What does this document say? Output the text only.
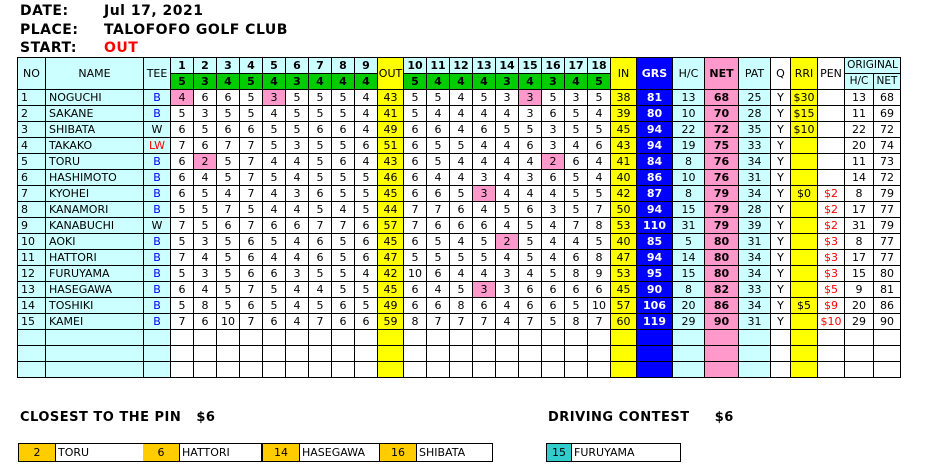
DATE:	Jul 17, 2021
PLACE: TALOFOFO GOLF CLUB
START: OUT
NO	NAME	TEE	1	2	3	4	5	6	7	8	9	OUT	10	11	12	13	14	15	16	17	18	IN	GRS	H/C	NET	PAT	Q	RRI	PEN	ORIGINAL	
			5	3	4	5	4	3	4	4	4		5	4	4	4	3	4	3	4	5									H/C	NET
1	NOGUCHI	B	4	6	6	5	3	5	5	5	4	43	5	5	4	5	3	3	5	3	5	38	81	13	68	25	Y	$30		13	68
2	SAKANE	B	5	3	5	5	4	5	5	5	4	41	5	4	4	4	4	3	6	5	4	39	80	10	70	28	Y	$15		11	69
3	SHIBATA	W	6	5	6	6	5	5	6	6	4	49	6	6	4	6	5	5	3	5	5	45	94	22	72	35	Y	$10		22	72
4	TAKAKO	LW	7	6	7	7	5	3	5	5	6	51	6	5	5	4	4	6	3	4	6	43	94	19	75	33	Y			20	74
5	TORU	B	6	2	5	7	4	4	5	6	4	43	6	5	4	4	4	4	2	6	4	41	84	8	76	34	Y			11	73
6	HASHIMOTO	B	6	4	5	7	5	4	5	5	5	46	6	4	4	3	4	3	6	5	4	40	86	10	76	31	Y			14	72
7	KYOHEI	B	6	5	4	7	4	3	6	5	5	45	6	6	5	3	4	4	4	5	5	42	87	8	79	34	Y	$0	$2	8	79
8	KANAMORI	B	5	5	7	5	4	4	5	4	5	44	7	7	6	4	5	6	3	5	7	50	94	15	79	28	Y		$2	17	77
9	KANABUCHI	W	7	5	6	7	6	6	7	7	6	57	7	6	6	6	4	5	4	7	8	53	110	31	79	39	Y		$2	31	79
10	AOKI	B	5	3	5	6	5	4	6	5	6	45	6	5	4	5	2	5	4	4	5	40	85	5	80	31	Y		$3	8	77
11	HATTORI	B	7	4	5	6	4	4	6	5	6	47	5	5	5	5	4	5	4	6	8	47	94	14	80	34	Y		$3	17	77
12	FURUYAMA	B	5	3	5	6	6	3	5	5	4	42	10	6	4	4	3	4	5	8	9	53	95	15	80	34	Y		$3	15	80
13	HASEGAWA	B	6	4	5	7	5	4	4	5	5	45	6	4	5	3	3	6	6	6	6	45	90	8	82	33	Y		$5	9	81
14	TOSHIKI	B	5	8	5	6	5	4	5	6	5	49	6	6	8	6	4	6	6	5	10	57	106	20	86	34	Y	$5	$9	20	86
15	KAMEI	B	7	6	10	7	6	4	7	6	6	59	8	7	7	7	4	7	5	8	7	60	119	29	90	31	Y		$10	29	90

CLOSEST TO THE PIN $6	DRIVING CONTEST $6
2	TORU	6	HATTORI	14	HASEGAWA	16	SHIBATA	15 FURUYAMA
